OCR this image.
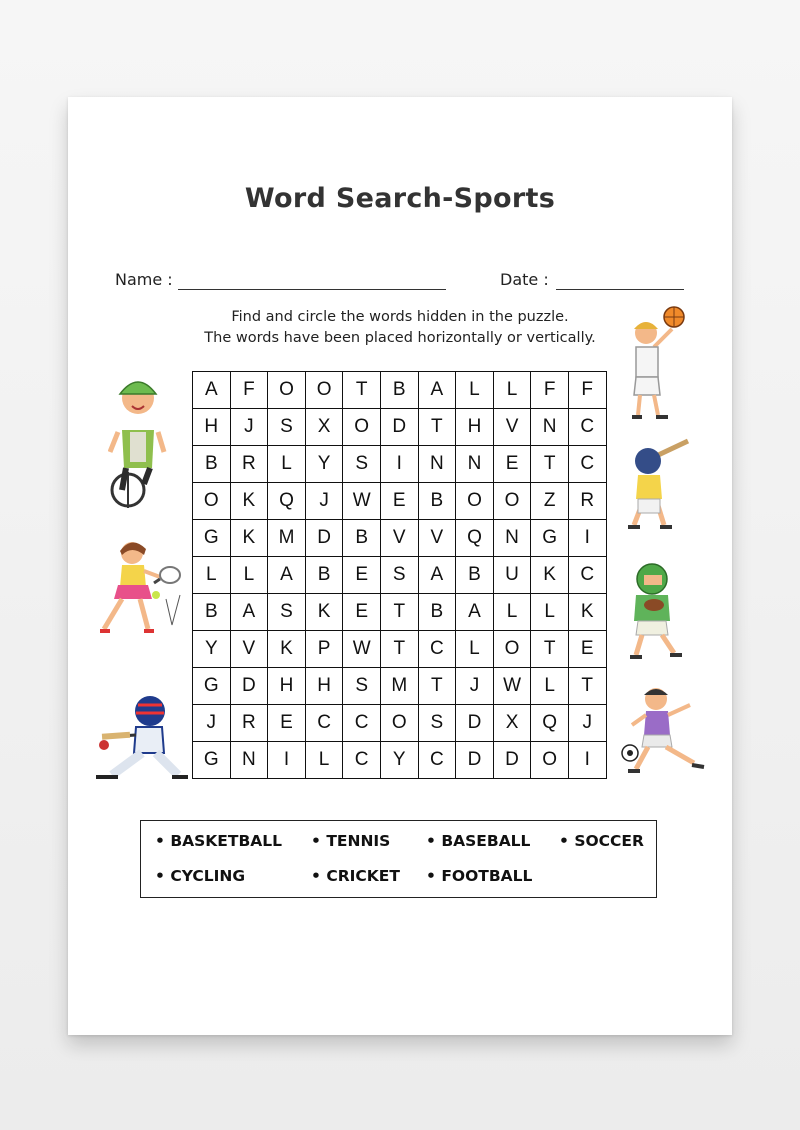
Word Search-Sports
Name :	Date :
Find and circle the words hidden in the puzzle.
The words have been placed horizontally or vertically.
A	F	O	O	T	B	A	L	L	F	F
H	J	S	X	O	D	T	H	V	N	C
B	R	L	Y	S	I	N	N	E	T	C
O	K	Q	J	W	E	B	O	O	Z	R
G	K	M	D	B	V	V	Q	N	G	I
L	L	A	B	E	S	A	B	U	K	C
B	A	S	K	E	T	B	A	L	L	K
Y	V	K	P	W	T	C	L	O	T	E
G	D	H	H	S	M	T	J	W	L	T
J	R	E	C	C	O	S	D	X	Q	J
G	N	I	L	C	Y	C	D	D	O	I
• BASKETBALL	• TENNIS	• BASEBALL	• SOCCER
• CYCLING	• CRICKET	• FOOTBALL
